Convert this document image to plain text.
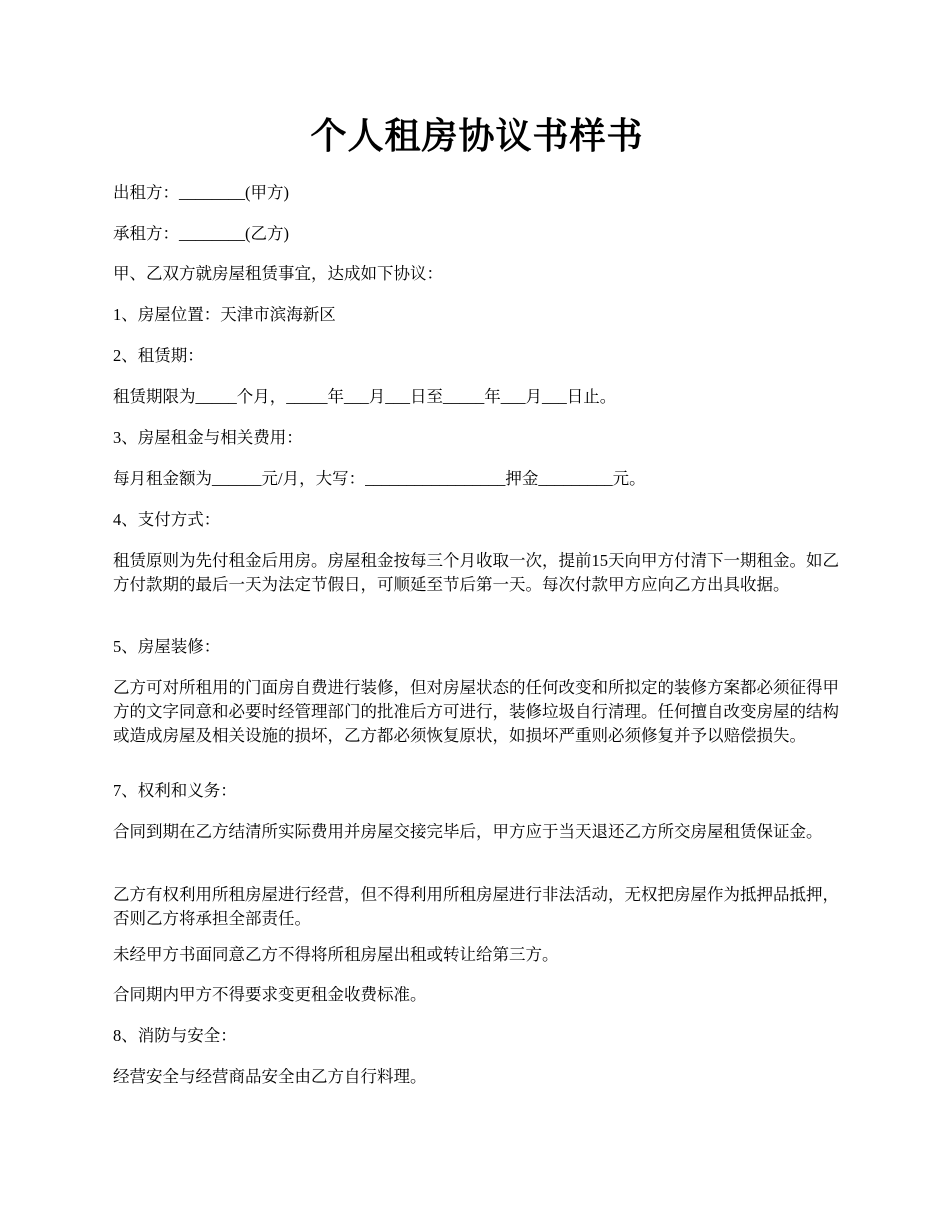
个人租房协议书样书

出租方：________(甲方)

承租方：________(乙方)

甲、乙双方就房屋租赁事宜，达成如下协议：

1、房屋位置：天津市滨海新区

2、租赁期：

租赁期限为_____个月，_____年___月___日至_____年___月___日止。

3、房屋租金与相关费用：

每月租金额为______元/月，大写：_________________押金_________元。

4、支付方式：

租赁原则为先付租金后用房。房屋租金按每三个月收取一次，提前15天向甲方付清下一期租金。如乙方付款期的最后一天为法定节假日，可顺延至节后第一天。每次付款甲方应向乙方出具收据。

5、房屋装修：

乙方可对所租用的门面房自费进行装修，但对房屋状态的任何改变和所拟定的装修方案都必须征得甲方的文字同意和必要时经管理部门的批准后方可进行，装修垃圾自行清理。任何擅自改变房屋的结构或造成房屋及相关设施的损坏，乙方都必须恢复原状，如损坏严重则必须修复并予以赔偿损失。

7、权利和义务：

合同到期在乙方结清所实际费用并房屋交接完毕后，甲方应于当天退还乙方所交房屋租赁保证金。

乙方有权利用所租房屋进行经营，但不得利用所租房屋进行非法活动，无权把房屋作为抵押品抵押，否则乙方将承担全部责任。

未经甲方书面同意乙方不得将所租房屋出租或转让给第三方。

合同期内甲方不得要求变更租金收费标准。

8、消防与安全：

经营安全与经营商品安全由乙方自行料理。
